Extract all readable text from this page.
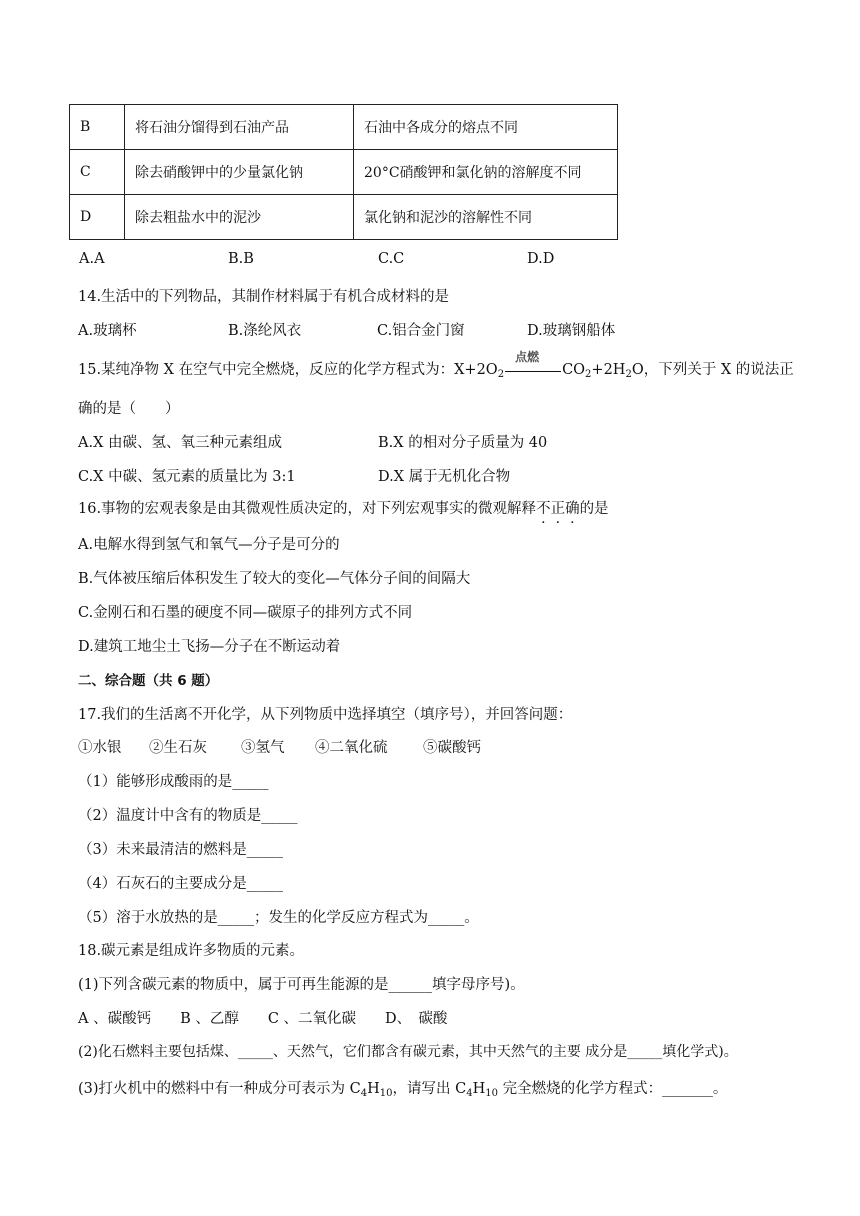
B	将石油分馏得到石油产品	石油中各成分的熔点不同
C	除去硝酸钾中的少量氯化钠	20°C硝酸钾和氯化钠的溶解度不同
D	除去粗盐水中的泥沙	氯化钠和泥沙的溶解性不同
A.A	B.B	C.C	D.D
14.生活中的下列物品，其制作材料属于有机合成材料的是
A.玻璃杯	B.涤纶风衣	C.铝合金门窗	D.玻璃钢船体
15.某纯净物 X 在空气中完全燃烧，反应的化学方程式为：$X+2O_2$
点燃
$CO_2+2H_2O$，下列关于 X 的说法正
确的是（　　）
A.X 由碳、氢、氧三种元素组成	B.X 的相对分子质量为 40
C.X 中碳、氢元素的质量比为 3:1	D.X 属于无机化合物
16.事物的宏观表象是由其微观性质决定的，对下列宏观事实的微观解释不正确的是
A.电解水得到氢气和氧气—分子是可分的
B.气体被压缩后体积发生了较大的变化—气体分子间的间隔大
C.金刚石和石墨的硬度不同—碳原子的排列方式不同
D.建筑工地尘土飞扬—分子在不断运动着
二、综合题（共 6 题）
17.我们的生活离不开化学，从下列物质中选择填空（填序号），并回答问题：
①水银 ②生石灰 ③氢气 ④二氧化硫 ⑤碳酸钙
（1）能够形成酸雨的是_____
（2）温度计中含有的物质是_____
（3）未来最清洁的燃料是_____
（4）石灰石的主要成分是_____
（5）溶于水放热的是_____；发生的化学反应方程式为_____。
18.碳元素是组成许多物质的元素。
(1)下列含碳元素的物质中，属于可再生能源的是______填字母序号)。
A 、碳酸钙　　B 、乙醇　　C 、二氧化碳　　D、　碳酸
(2)化石燃料主要包括煤、_____、天然气，它们都含有碳元素，其中天然气的主要 成分是_____填化学式)。
(3)打火机中的燃料中有一种成分可表示为 $C_4H_{10}$，请写出 $C_4H_{10}$ 完全燃烧的化学方程式：_______。
